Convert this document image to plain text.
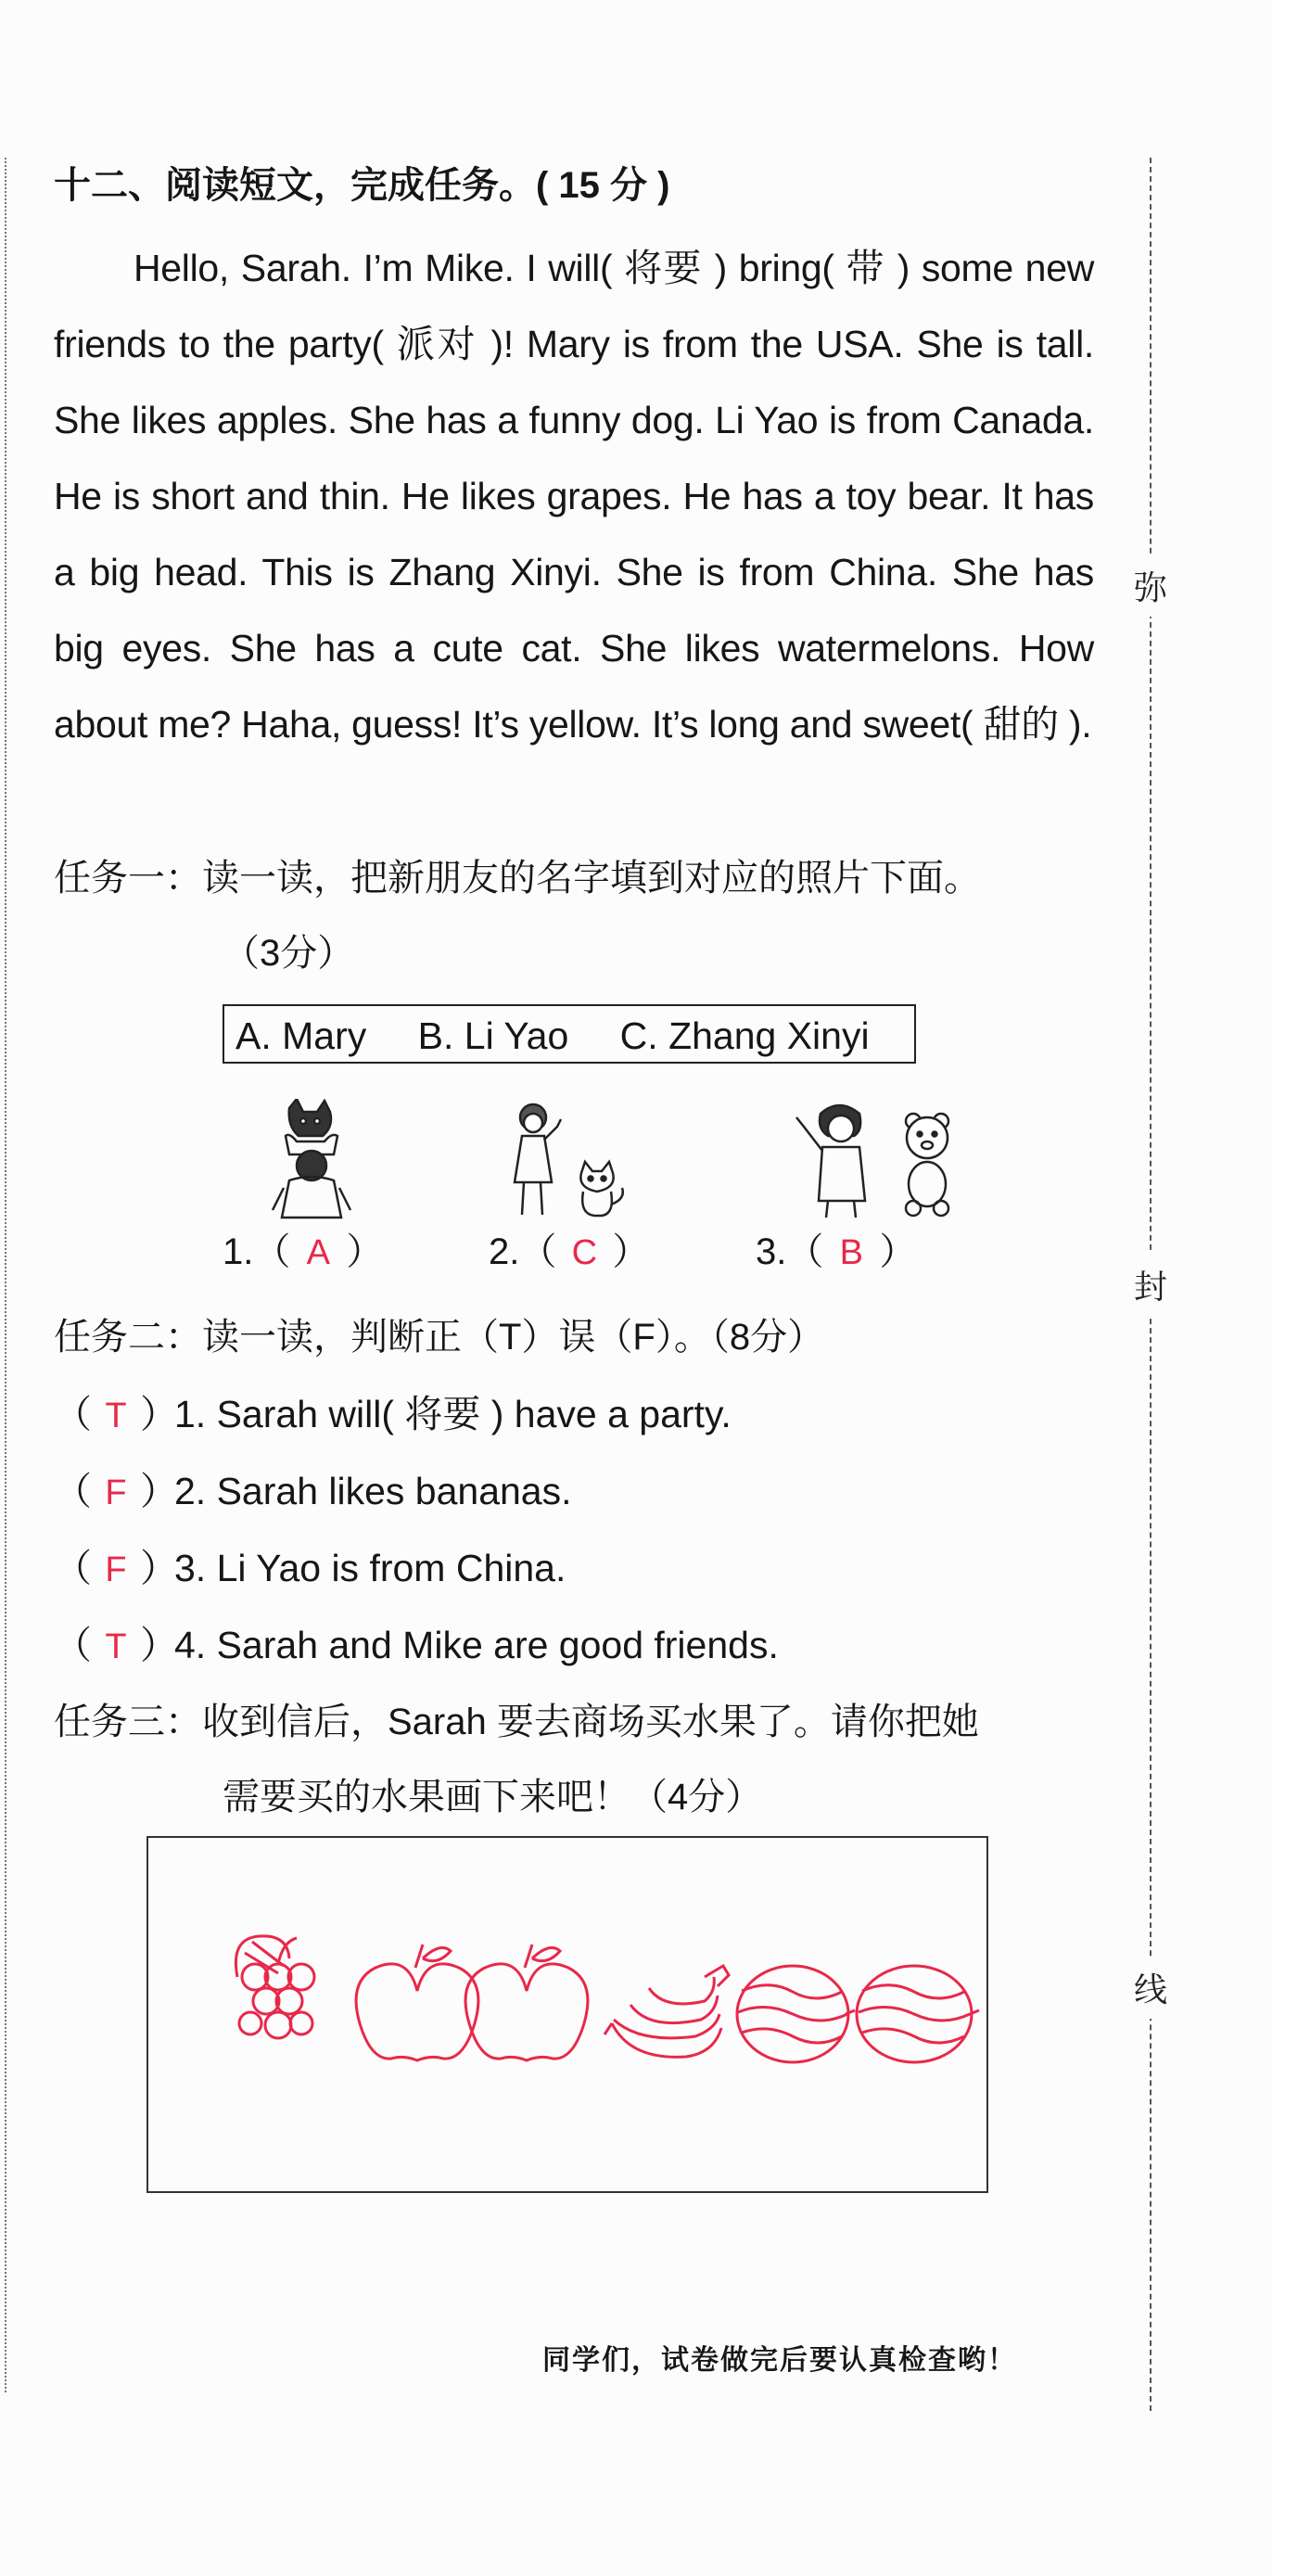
弥
封
线
十二、阅读短文，完成任务。( 15 分 )
Hello, Sarah. I’m Mike. I will( 将要 ) bring( 带 ) some new friends to the party( 派对 )! Mary is from the USA. She is tall. She likes apples. She has a funny dog. Li Yao is from Canada. He is short and thin. He likes grapes. He has a toy bear. It has a big head. This is Zhang Xinyi. She is from China. She has big eyes. She has a cute cat. She likes watermelons. How about me? Haha, guess! It’s yellow. It’s long and sweet( 甜的 ).
任务一：读一读，把新朋友的名字填到对应的照片下面。
（3分）
A. Mary B. Li Yao C. Zhang Xinyi
1.（ A ）	2.（ C ）	3.（ B ）
任务二：读一读，判断正（T）误（F）。（8分）
（ T ）1. Sarah will( 将要 ) have a party.
（ F ）2. Sarah likes bananas.
（ F ）3. Li Yao is from China.
（ T ）4. Sarah and Mike are good friends.
任务三：收到信后，Sarah 要去商场买水果了。请你把她
需要买的水果画下来吧！（4分）
同学们，试卷做完后要认真检查哟！
